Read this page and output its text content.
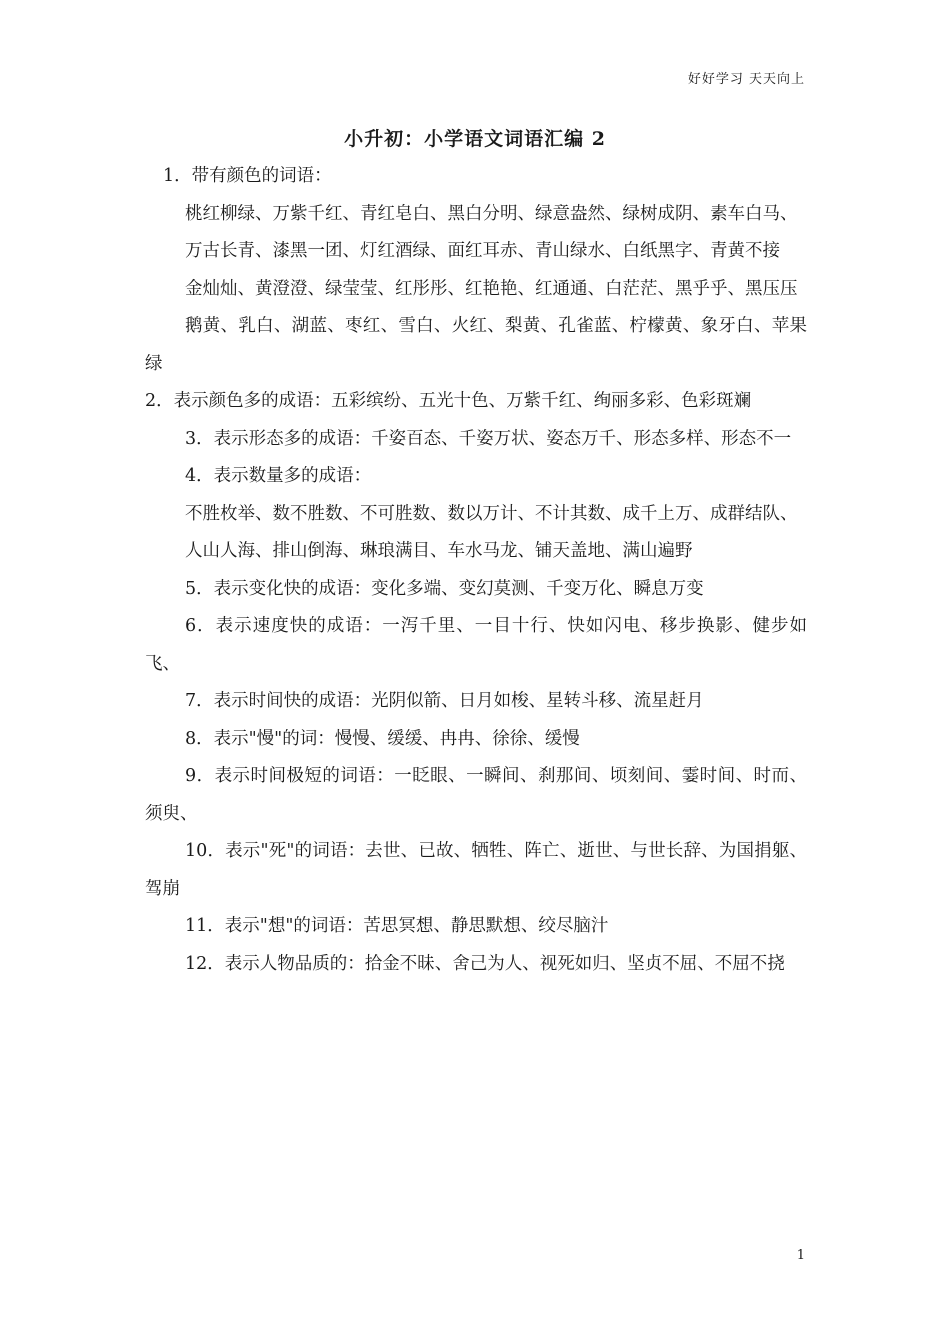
好好学习 天天向上
小升初：小学语文词语汇编 2

1．带有颜色的词语：

桃红柳绿、万紫千红、青红皂白、黑白分明、绿意盎然、绿树成阴、素车白马、

万古长青、漆黑一团、灯红酒绿、面红耳赤、青山绿水、白纸黑字、青黄不接

金灿灿、黄澄澄、绿莹莹、红彤彤、红艳艳、红通通、白茫茫、黑乎乎、黑压压

鹅黄、乳白、湖蓝、枣红、雪白、火红、梨黄、孔雀蓝、柠檬黄、象牙白、苹果绿

2．表示颜色多的成语：五彩缤纷、五光十色、万紫千红、绚丽多彩、色彩斑斓

3．表示形态多的成语：千姿百态、千姿万状、姿态万千、形态多样、形态不一

4．表示数量多的成语：

不胜枚举、数不胜数、不可胜数、数以万计、不计其数、成千上万、成群结队、

人山人海、排山倒海、琳琅满目、车水马龙、铺天盖地、满山遍野

5．表示变化快的成语：变化多端、变幻莫测、千变万化、瞬息万变

6．表示速度快的成语：一泻千里、一目十行、快如闪电、移步换影、健步如飞、

7．表示时间快的成语：光阴似箭、日月如梭、星转斗移、流星赶月

8．表示"慢"的词：慢慢、缓缓、冉冉、徐徐、缓慢

9．表示时间极短的词语：一眨眼、一瞬间、刹那间、顷刻间、霎时间、时而、须臾、

10．表示"死"的词语：去世、已故、牺牲、阵亡、逝世、与世长辞、为国捐躯、驾崩

11．表示"想"的词语：苦思冥想、静思默想、绞尽脑汁

12．表示人物品质的：拾金不昧、舍己为人、视死如归、坚贞不屈、不屈不挠

1
